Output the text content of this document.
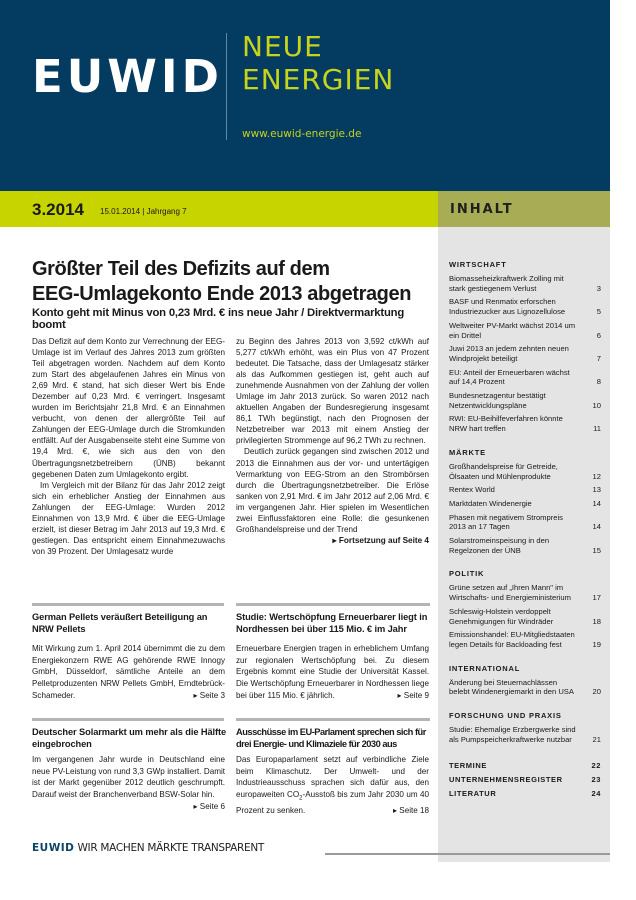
EUWID
NEUE
ENERGIEN
www.euwid-energie.de
3.2014 15.01.2014 | Jahrgang 7	INHALT
Größter Teil des Defizits auf dem
EEG-Umlagekonto Ende 2013 abgetragen
Konto geht mit Minus von 0,23 Mrd. € ins neue Jahr / Direktvermarktung boomt

Das Defizit auf dem Konto zur Verrechnung der EEG-Umlage ist im Verlauf des Jahres 2013 zum größten Teil abgetragen worden. Nachdem auf dem Konto zum Start des abgelaufenen Jahres ein Minus von 2,69 Mrd. € stand, hat sich dieser Wert bis Ende Dezember auf 0,23 Mrd. € verringert. Insgesamt wurden im Berichtsjahr 21,8 Mrd. € an Einnahmen verbucht, von denen der allergrößte Teil auf Zahlungen der EEG-Umlage durch die Stromkunden entfällt. Auf der Ausgabenseite steht eine Summe von 19,4 Mrd. €, wie sich aus den von den Übertragungsnetzbetreibern (ÜNB) bekannt gegebenen Daten zum Umlagekonto ergibt.

Im Vergleich mit der Bilanz für das Jahr 2012 zeigt sich ein erheblicher Anstieg der Einnahmen aus Zahlungen der EEG-Umlage: Wurden 2012 Einnahmen von 13,9 Mrd. € über die EEG-Umlage erzielt, ist dieser Betrag im Jahr 2013 auf 19,3 Mrd. € gestiegen. Das entspricht einem Einnahmezuwachs von 39 Prozent. Der Umlagesatz wurde

zu Beginn des Jahres 2013 von 3,592 ct/kWh auf 5,277 ct/kWh erhöht, was ein Plus von 47 Prozent bedeutet. Die Tatsache, dass der Umlagesatz stärker als das Aufkommen gestiegen ist, geht auch auf zunehmende Ausnahmen von der Zahlung der vollen Umlage im Jahr 2013 zurück. So waren 2012 nach aktuellen Angaben der Bundesregierung insgesamt 86,1 TWh begünstigt, nach den Prognosen der Netzbetreiber war 2013 mit einem Anstieg der privilegierten Strommenge auf 96,2 TWh zu rechnen.

Deutlich zurück gegangen sind zwischen 2012 und 2013 die Einnahmen aus der vor- und untertägigen Vermarktung von EEG-Strom an den Strombörsen durch die Übertragungsnetzbetreiber. Die Erlöse sanken von 2,91 Mrd. € im Jahr 2012 auf 2,06 Mrd. € im vergangenen Jahr. Hier spielen im Wesentlichen zwei Einflussfaktoren eine Rolle: die gesunkenen Großhandelspreise und der Trend

▸ Fortsetzung auf Seite 4
German Pellets veräußert Beteiligung an NRW Pellets
Mit Wirkung zum 1. April 2014 übernimmt die zu dem Energiekonzern RWE AG gehörende RWE Innogy GmbH, Düsseldorf, sämtliche Anteile an dem Pelletproduzenten NRW Pellets GmbH, Erndtebrück-Schameder.	▸ Seite 3
Studie: Wertschöpfung Erneuerbarer liegt in Nordhessen bei über 115 Mio. € im Jahr
Erneuerbare Energien tragen in erheblichem Umfang zur regionalen Wertschöpfung bei. Zu diesem Ergebnis kommt eine Studie der Universität Kassel. Die Wertschöpfung Erneuerbarer in Nordhessen liege bei über 115 Mio. € jährlich.	▸ Seite 9
Deutscher Solarmarkt um mehr als die Hälfte eingebrochen
Im vergangenen Jahr wurde in Deutschland eine neue PV-Leistung von rund 3,3 GWp installiert. Damit ist der Markt gegenüber 2012 deutlich geschrumpft. Darauf weist der Branchenverband BSW-Solar hin.
▸ Seite 6
Ausschüsse im EU-Parlament sprechen sich für drei Energie- und Klimaziele für 2030 aus
Das Europaparlament setzt auf verbindliche Ziele beim Klimaschutz. Der Umwelt- und der Industrieausschuss sprachen sich dafür aus, den europaweiten $CO_2$-Ausstoß bis zum Jahr 2030 um 40 Prozent zu senken.	▸ Seite 18
WIRTSCHAFT
Biomasseheizkraftwerk Zolling mit stark gestiegenem Verlust	3
BASF und Renmatix erforschen Industriezucker aus Lignozellulose	5
Weltweiter PV-Markt wächst 2014 um ein Drittel	6
Juwi 2013 an jedem zehnten neuen Windprojekt beteiligt	7
EU: Anteil der Erneuerbaren wächst auf 14,4 Prozent	8
Bundesnetzagentur bestätigt Netzentwicklungspläne	10
RWI: EU-Beihilfeverfahren könnte NRW hart treffen	11
MÄRKTE
Großhandelspreise für Getreide, Ölsaaten und Mühlenprodukte	12
Rentex World	13
Marktdaten Windenergie	14
Phasen mit negativem Strompreis 2013 an 17 Tagen	14
Solarstromeinspeisung in den Regelzonen der ÜNB	15
POLITIK
Grüne setzen auf „Ihren Mann" im Wirtschafts- und Energieministerium	17
Schleswig-Holstein verdoppelt Genehmigungen für Windräder	18
Emissionshandel: EU-Mitgliedstaaten legen Details für Backloading fest	19
INTERNATIONAL
Änderung bei Steuernachlässen belebt Windenergiemarkt in den USA	20
FORSCHUNG UND PRAXIS
Studie: Ehemalige Erzbergwerke sind als Pumpspeicherkraftwerke nutzbar	21
TERMINE	22
UNTERNEHMENSREGISTER	23
LITERATUR	24
EUWID WIR MACHEN MÄRKTE TRANSPARENT
